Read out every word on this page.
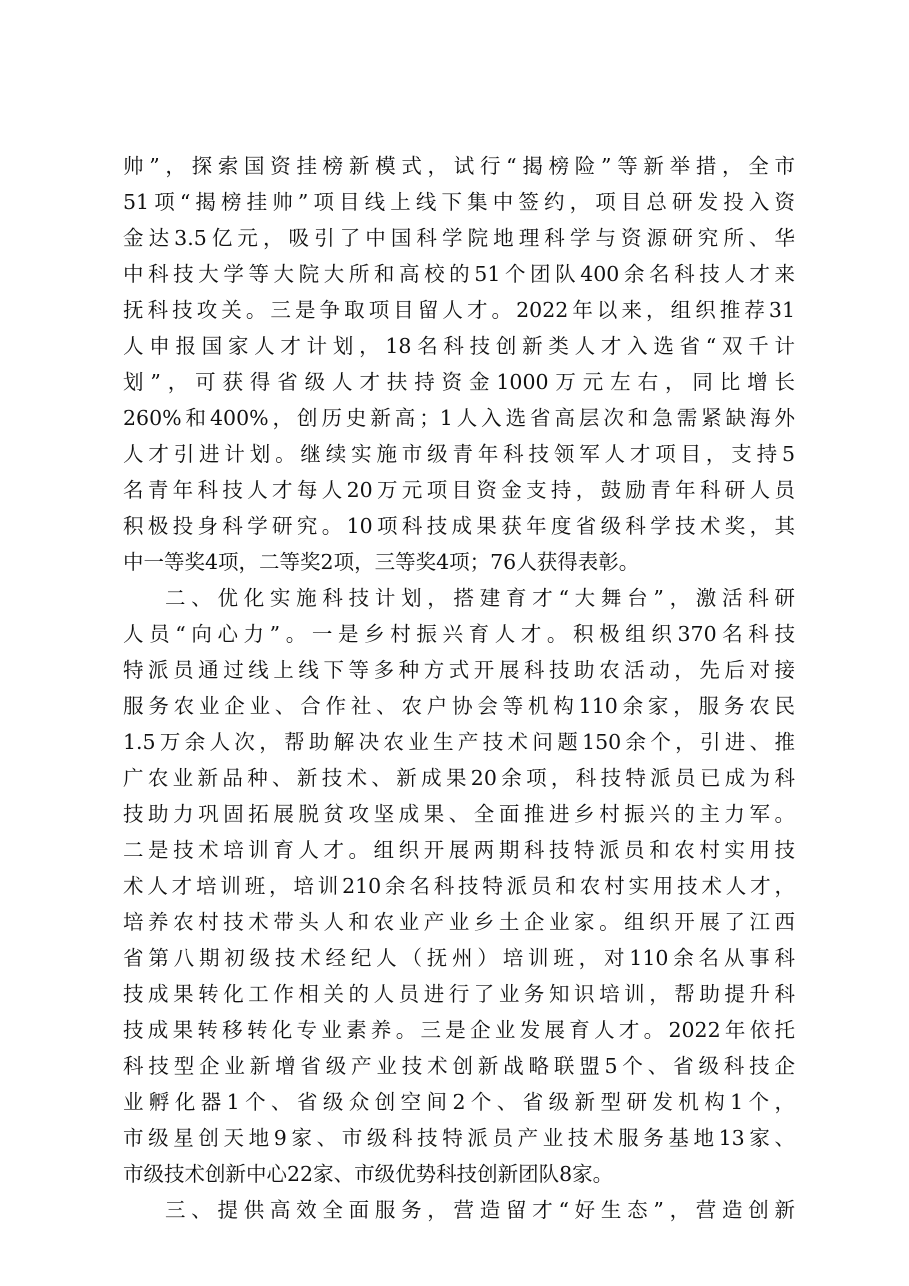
帅”，探索国资挂榜新模式，试行“揭榜险”等新举措，全市

51项“揭榜挂帅”项目线上线下集中签约，项目总研发投入资

金达3.5亿元，吸引了中国科学院地理科学与资源研究所、华

中科技大学等大院大所和高校的51个团队400余名科技人才来

抚科技攻关。三是争取项目留人才。2022年以来，组织推荐31

人申报国家人才计划，18名科技创新类人才入选省“双千计

划”，可获得省级人才扶持资金1000万元左右，同比增长

260%和400%，创历史新高；1人入选省高层次和急需紧缺海外

人才引进计划。继续实施市级青年科技领军人才项目，支持5

名青年科技人才每人20万元项目资金支持，鼓励青年科研人员

积极投身科学研究。10项科技成果获年度省级科学技术奖，其

中一等奖4项，二等奖2项，三等奖4项；76人获得表彰。

二、优化实施科技计划，搭建育才“大舞台”，激活科研

人员“向心力”。一是乡村振兴育人才。积极组织370名科技

特派员通过线上线下等多种方式开展科技助农活动，先后对接

服务农业企业、合作社、农户协会等机构110余家，服务农民

1.5万余人次，帮助解决农业生产技术问题150余个，引进、推

广农业新品种、新技术、新成果20余项，科技特派员已成为科

技助力巩固拓展脱贫攻坚成果、全面推进乡村振兴的主力军。

二是技术培训育人才。组织开展两期科技特派员和农村实用技

术人才培训班，培训210余名科技特派员和农村实用技术人才，

培养农村技术带头人和农业产业乡土企业家。组织开展了江西

省第八期初级技术经纪人（抚州）培训班，对110余名从事科

技成果转化工作相关的人员进行了业务知识培训，帮助提升科

技成果转移转化专业素养。三是企业发展育人才。2022年依托

科技型企业新增省级产业技术创新战略联盟5个、省级科技企

业孵化器1个、省级众创空间2个、省级新型研发机构1个，

市级星创天地9家、市级科技特派员产业技术服务基地13家、

市级技术创新中心22家、市级优势科技创新团队8家。

三、提供高效全面服务，营造留才“好生态”，营造创新
